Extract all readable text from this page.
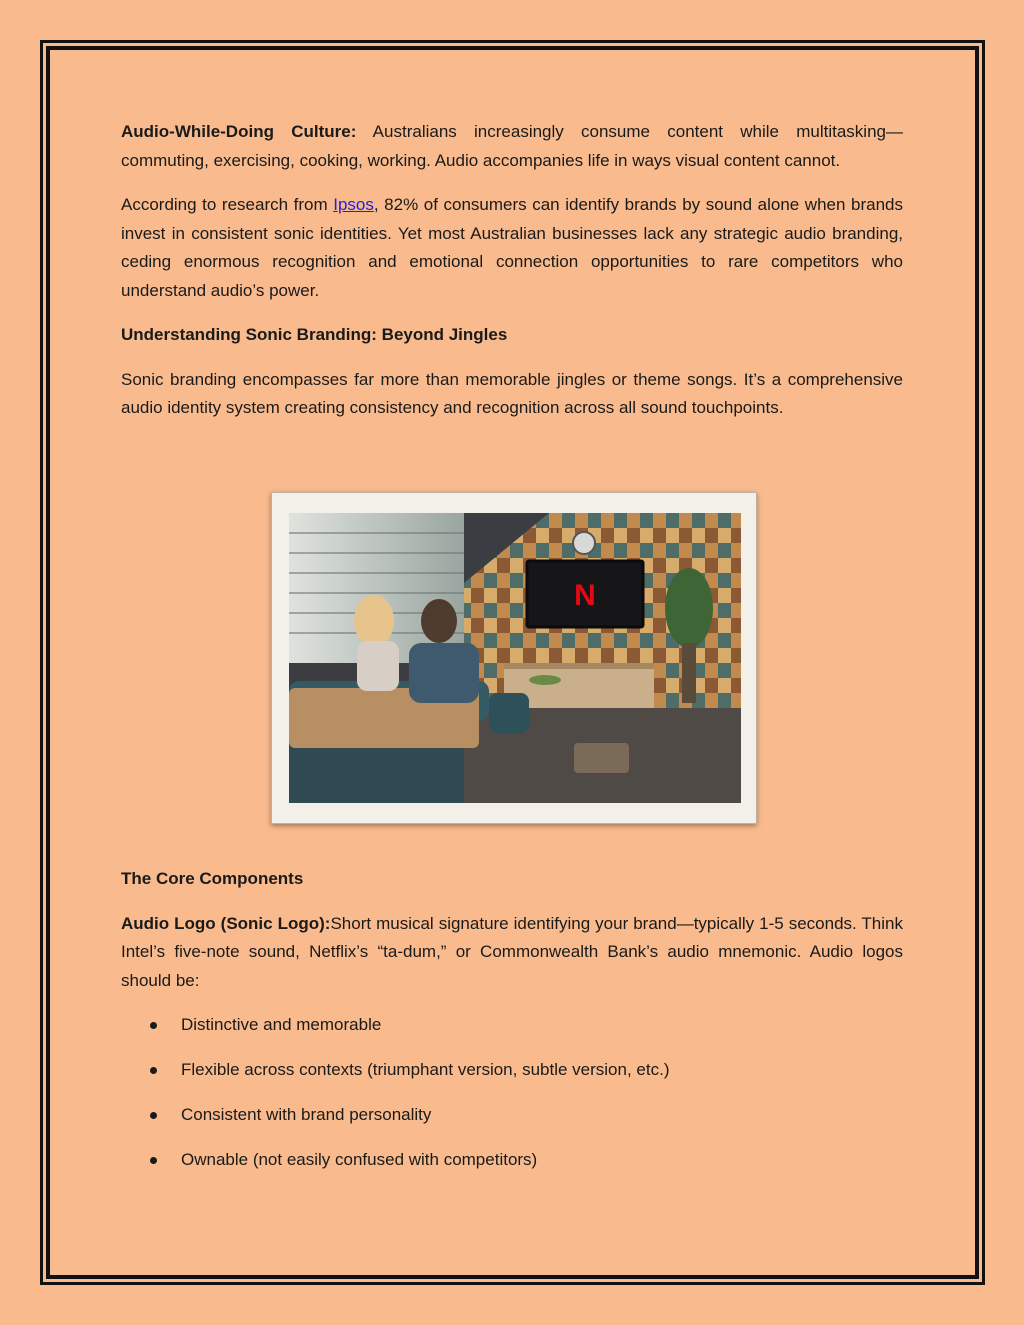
Audio-While-Doing Culture: Australians increasingly consume content while multitasking—commuting, exercising, cooking, working. Audio accompanies life in ways visual content cannot.

According to research from Ipsos, 82% of consumers can identify brands by sound alone when brands invest in consistent sonic identities. Yet most Australian businesses lack any strategic audio branding, ceding enormous recognition and emotional connection opportunities to rare competitors who understand audio’s power.

Understanding Sonic Branding: Beyond Jingles

Sonic branding encompasses far more than memorable jingles or theme songs. It’s a comprehensive audio identity system creating consistency and recognition across all sound touchpoints.

N

The Core Components

Audio Logo (Sonic Logo):Short musical signature identifying your brand—typically 1-5 seconds. Think Intel’s five-note sound, Netflix’s “ta-dum,” or Commonwealth Bank’s audio mnemonic. Audio logos should be:

Distinctive and memorable
Flexible across contexts (triumphant version, subtle version, etc.)
Consistent with brand personality
Ownable (not easily confused with competitors)
